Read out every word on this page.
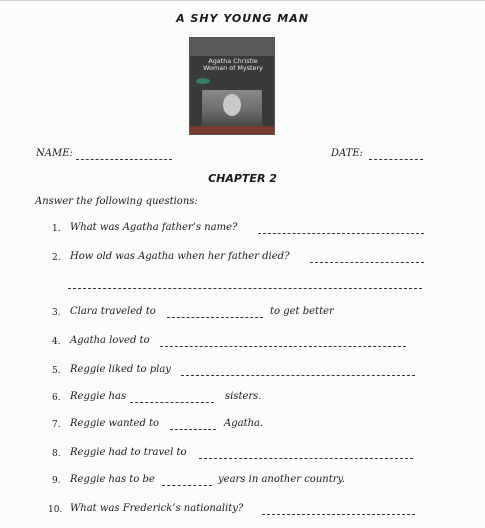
A SHY YOUNG MAN
Agatha Christie
Woman of Mystery
NAME:	DATE:
CHAPTER 2
Answer the following questions:
1. What was Agatha father’s name?
2. How old was Agatha when her father died?
3. Clara traveled to	to get better
4. Agatha loved to
5. Reggie liked to play
6. Reggie has	sisters.
7. Reggie wanted to	Agatha.
8. Reggie had to travel to
9. Reggie has to be	years in another country.
10. What was Frederick’s nationality?
